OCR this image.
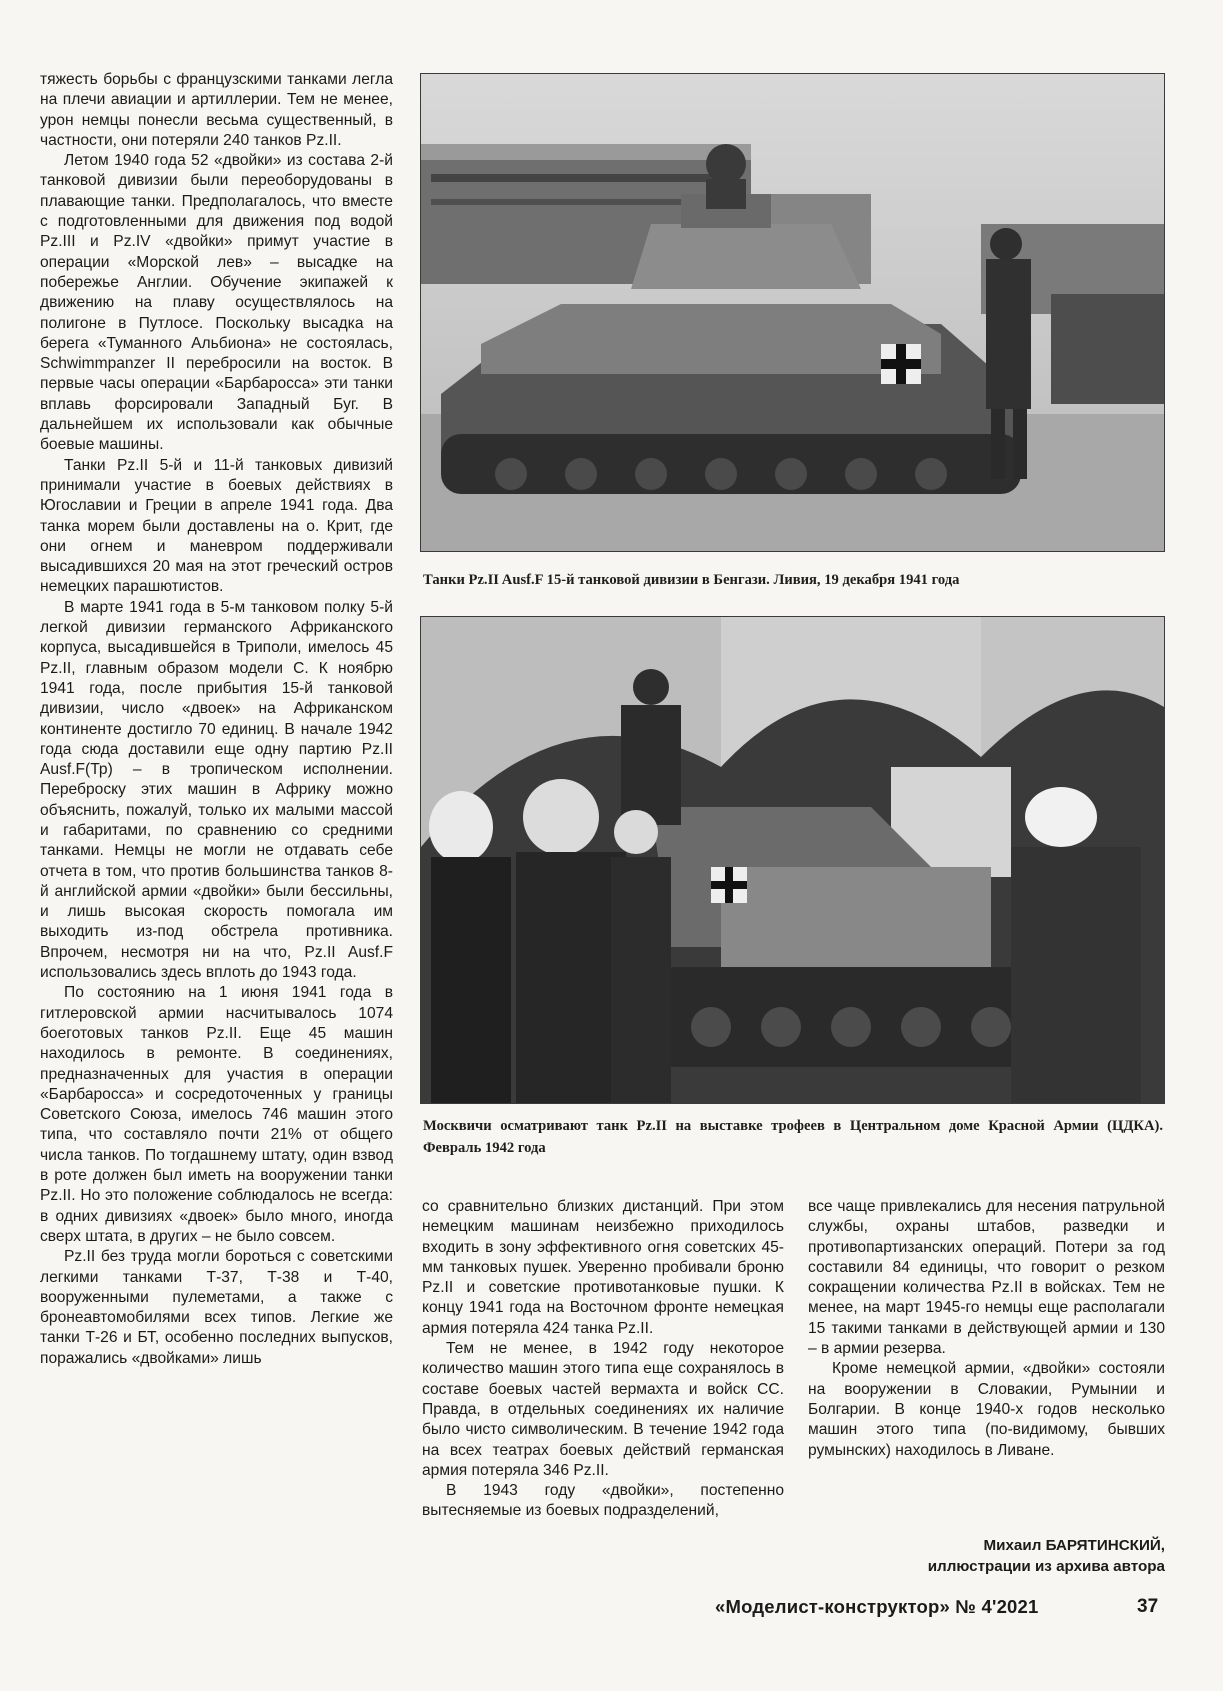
тяжесть борьбы с французскими танками легла на плечи авиации и артиллерии. Тем не менее, урон немцы понесли весьма существенный, в частности, они потеряли 240 танков Pz.II.

Летом 1940 года 52 «двойки» из состава 2-й танковой дивизии были переоборудованы в плавающие танки. Предполагалось, что вместе с подготовленными для движения под водой Pz.III и Pz.IV «двойки» примут участие в операции «Морской лев» – высадке на побережье Англии. Обучение экипажей к движению на плаву осуществлялось на полигоне в Путлосе. Поскольку высадка на берега «Туманного Альбиона» не состоялась, Schwimmpanzer II перебросили на восток. В первые часы операции «Барбаросса» эти танки вплавь форсировали Западный Буг. В дальнейшем их использовали как обычные боевые машины.

Танки Pz.II 5-й и 11-й танковых дивизий принимали участие в боевых действиях в Югославии и Греции в апреле 1941 года. Два танка морем были доставлены на о. Крит, где они огнем и маневром поддерживали высадившихся 20 мая на этот греческий остров немецких парашютистов.

В марте 1941 года в 5-м танковом полку 5-й легкой дивизии германского Африканского корпуса, высадившейся в Триполи, имелось 45 Pz.II, главным образом модели С. К ноябрю 1941 года, после прибытия 15-й танковой дивизии, число «двоек» на Африканском континенте достигло 70 единиц. В начале 1942 года сюда доставили еще одну партию Pz.II Ausf.F(Тр) – в тропическом исполнении. Переброску этих машин в Африку можно объяснить, пожалуй, только их малыми массой и габаритами, по сравнению со средними танками. Немцы не могли не отдавать себе отчета в том, что против большинства танков 8-й английской армии «двойки» были бессильны, и лишь высокая скорость помогала им выходить из-под обстрела противника. Впрочем, несмотря ни на что, Pz.II Ausf.F использовались здесь вплоть до 1943 года.

По состоянию на 1 июня 1941 года в гитлеровской армии насчитывалось 1074 боеготовых танков Pz.II. Еще 45 машин находилось в ремонте. В соединениях, предназначенных для участия в операции «Барбаросса» и сосредоточенных у границы Советского Союза, имелось 746 машин этого типа, что составляло почти 21% от общего числа танков. По тогдашнему штату, один взвод в роте должен был иметь на вооружении танки Pz.II. Но это положение соблюдалось не всегда: в одних дивизиях «двоек» было много, иногда сверх штата, в других – не было совсем.

Pz.II без труда могли бороться с советскими легкими танками Т-37, Т-38 и Т-40, вооруженными пулеметами, а также с бронеавтомобилями всех типов. Легкие же танки Т-26 и БТ, особенно последних выпусков, поражались «двойками» лишь

Танки Pz.II Ausf.F 15-й танковой дивизии в Бенгази. Ливия, 19 декабря 1941 года
Москвичи осматривают танк Pz.II на выставке трофеев в Центральном доме Красной Армии (ЦДКА). Февраль 1942 года

со сравнительно близких дистанций. При этом немецким машинам неизбежно приходилось входить в зону эффективного огня советских 45-мм танковых пушек. Уверенно пробивали броню Pz.II и советские противотанковые пушки. К концу 1941 года на Восточном фронте немецкая армия потеряла 424 танка Pz.II.

Тем не менее, в 1942 году некоторое количество машин этого типа еще сохранялось в составе боевых частей вермахта и войск СС. Правда, в отдельных соединениях их наличие было чисто символическим. В течение 1942 года на всех театрах боевых действий германская армия потеряла 346 Pz.II.

В 1943 году «двойки», постепенно вытесняемые из боевых подразделений,

все чаще привлекались для несения патрульной службы, охраны штабов, разведки и противопартизанских операций. Потери за год составили 84 единицы, что говорит о резком сокращении количества Pz.II в войсках. Тем не менее, на март 1945-го немцы еще располагали 15 такими танками в действующей армии и 130 – в армии резерва.

Кроме немецкой армии, «двойки» состояли на вооружении в Словакии, Румынии и Болгарии. В конце 1940-х годов несколько машин этого типа (по-видимому, бывших румынских) находилось в Ливане.

Михаил БАРЯТИНСКИЙ,
иллюстрации из архива автора
«Моделист-конструктор» № 4'2021	37
